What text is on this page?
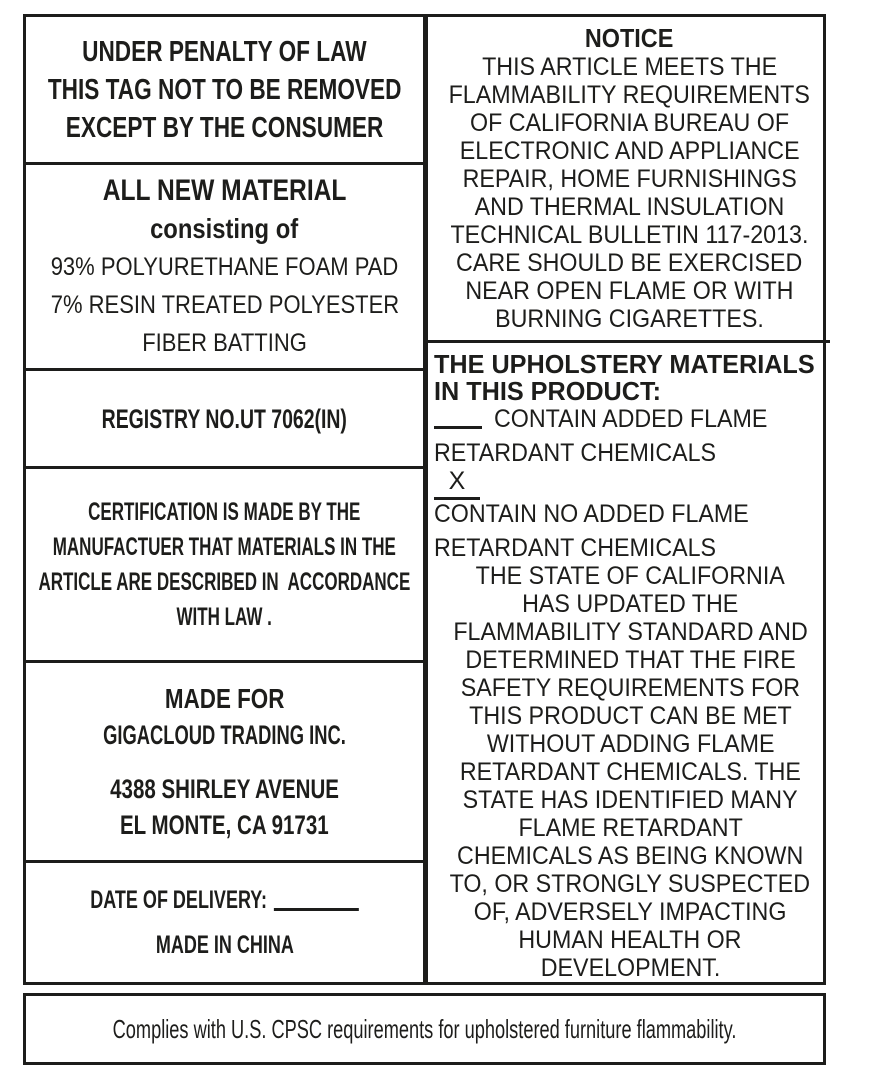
UNDER PENALTY OF LAW
THIS TAG NOT TO BE REMOVED
EXCEPT BY THE CONSUMER
ALL NEW MATERIAL
consisting of
93% POLYURETHANE FOAM PAD
7% RESIN TREATED POLYESTER
FIBER BATTING
REGISTRY NO.UT 7062(IN)
CERTIFICATION IS MADE BY THE
MANUFACTUER THAT MATERIALS IN THE
ARTICLE ARE DESCRIBED IN  ACCORDANCE
WITH LAW .
MADE FOR
GIGACLOUD TRADING INC.
4388 SHIRLEY AVENUE
EL MONTE, CA 91731
DATE OF DELIVERY:
MADE IN CHINA
NOTICE
THIS ARTICLE MEETS THE
FLAMMABILITY REQUIREMENTS
OF CALIFORNIA BUREAU OF
ELECTRONIC AND APPLIANCE
REPAIR, HOME FURNISHINGS
AND THERMAL INSULATION
TECHNICAL BULLETIN 117-2013.
CARE SHOULD BE EXERCISED
NEAR OPEN FLAME OR WITH
BURNING CIGARETTES.
THE UPHOLSTERY MATERIALS
IN THIS PRODUCT:
CONTAIN ADDED FLAME
RETARDANT CHEMICALS
XCONTAIN NO ADDED FLAME
RETARDANT CHEMICALS
THE STATE OF CALIFORNIA
HAS UPDATED THE
FLAMMABILITY STANDARD AND
DETERMINED THAT THE FIRE
SAFETY REQUIREMENTS FOR
THIS PRODUCT CAN BE MET
WITHOUT ADDING FLAME
RETARDANT CHEMICALS. THE
STATE HAS IDENTIFIED MANY
FLAME RETARDANT
CHEMICALS AS BEING KNOWN
TO, OR STRONGLY SUSPECTED
OF, ADVERSELY IMPACTING
HUMAN HEALTH OR
DEVELOPMENT.
Complies with U.S. CPSC requirements for upholstered furniture flammability.
